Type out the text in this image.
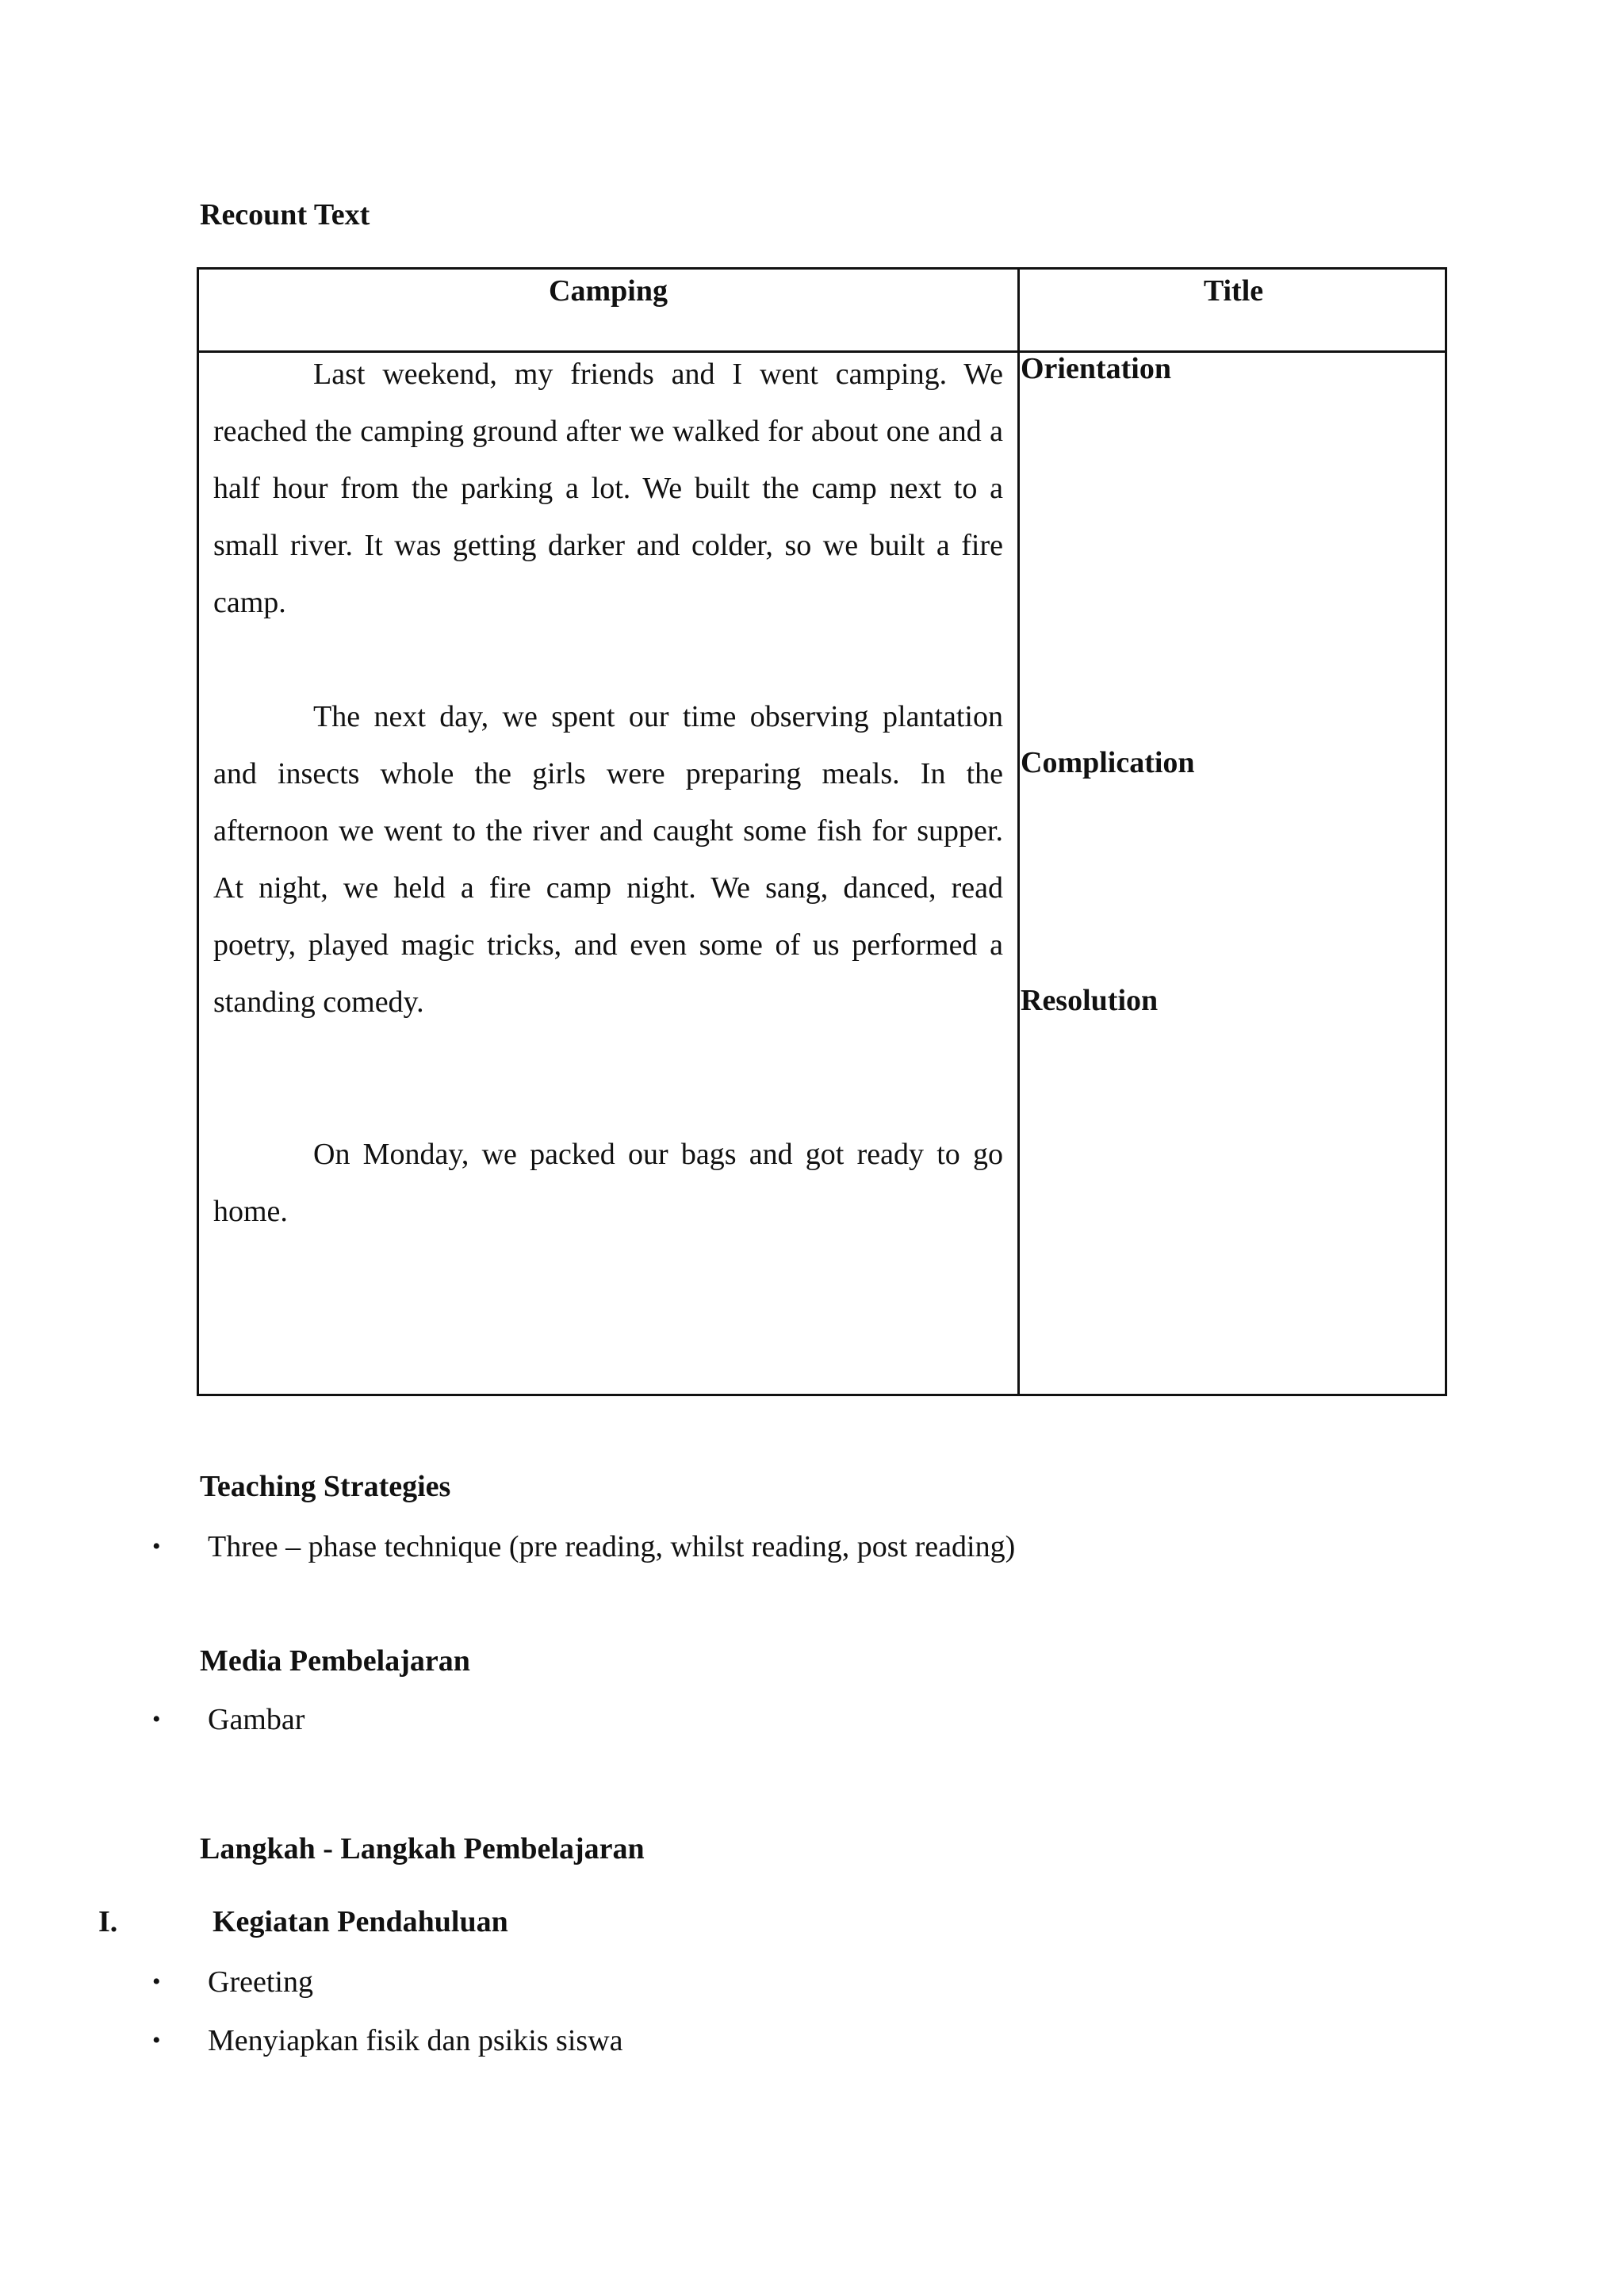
Recount Text
Camping	Title
Last weekend, my friends and I went camping. We reached the camping ground after we walked for about one and a half hour from the parking a lot. We built the camp next to a small river. It was getting darker and colder, so we built a fire camp.
The next day, we spent our time observing plantation and insects whole the girls were preparing meals. In the afternoon we went to the river and caught some fish for supper. At night, we held a fire camp night. We sang, danced, read poetry, played magic tricks, and even some of us performed a standing comedy.
On Monday, we packed our bags and got ready to go home.
Orientation
Complication
Resolution
Teaching Strategies
• Three – phase technique (pre reading, whilst reading, post reading)
Media Pembelajaran
• Gambar
Langkah - Langkah Pembelajaran
I.	Kegiatan Pendahuluan
• Greeting
• Menyiapkan fisik dan psikis siswa
